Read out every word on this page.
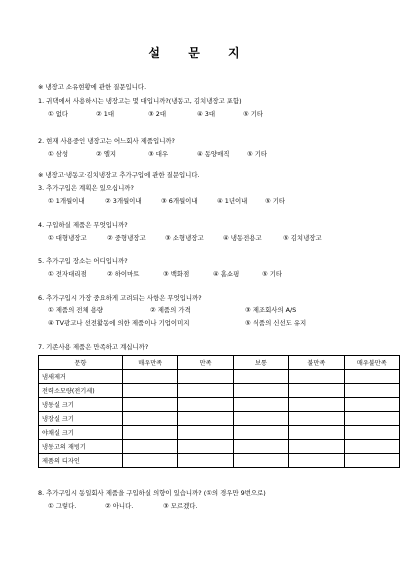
설 문 지
※ 냉장고 소유현황에 관한 질문입니다.
1. 귀댁에서 사용하시는 냉장고는 몇 대입니까?(냉동고, 김치냉장고 포함)
① 없다	② 1대	③ 2대	④ 3대	⑤ 기타
2. 현재 사용중인 냉장고는 어느회사 제품입니까?
① 삼성	② 엘지	③ 대우	④ 동양매직	⑤ 기타
※ 냉장고·냉동고·김치냉장고 추가구입에 관한 질문입니다.
3. 추가구입은 계획은 있으십니까?
① 1개월이내	② 3개월이내	③ 6개월이내	④ 1년이내	⑤ 기타
4. 구입하실 제품은 무엇입니까?
① 대형냉장고	② 중형냉장고	③ 소형냉장고	④ 냉동전용고	⑤ 김치냉장고
5. 추가구입 장소는 어디입니까?
① 전자대리점	② 하이마트	③ 백화점	④ 홈쇼핑	⑤ 기타
6. 추가구입시 가장 중요하게 고려되는 사항은 무엇입니까?
① 제품의 전체 용량	② 제품의 가격	③ 제조회사의 A/S
④ TV광고나 선전활동에 의한 제품이나 기업이미지	⑤ 식품의 신선도 유지
7. 기존사용 제품은 만족하고 계십니까?
문항	매우만족	만족	보통	불만족	매우불만족
냄새제거					
전력소모량(전기세)					
냉동실 크기					
냉장실 크기					
야채실 크기					
냉동고의 재빙기					
제품의 디자인					
8. 추가구입시 동일회사 제품을 구입하실 의향이 있습니까? (①의 경우만 9번으로)
① 그렇다.	② 아니다.	③ 모르겠다.
